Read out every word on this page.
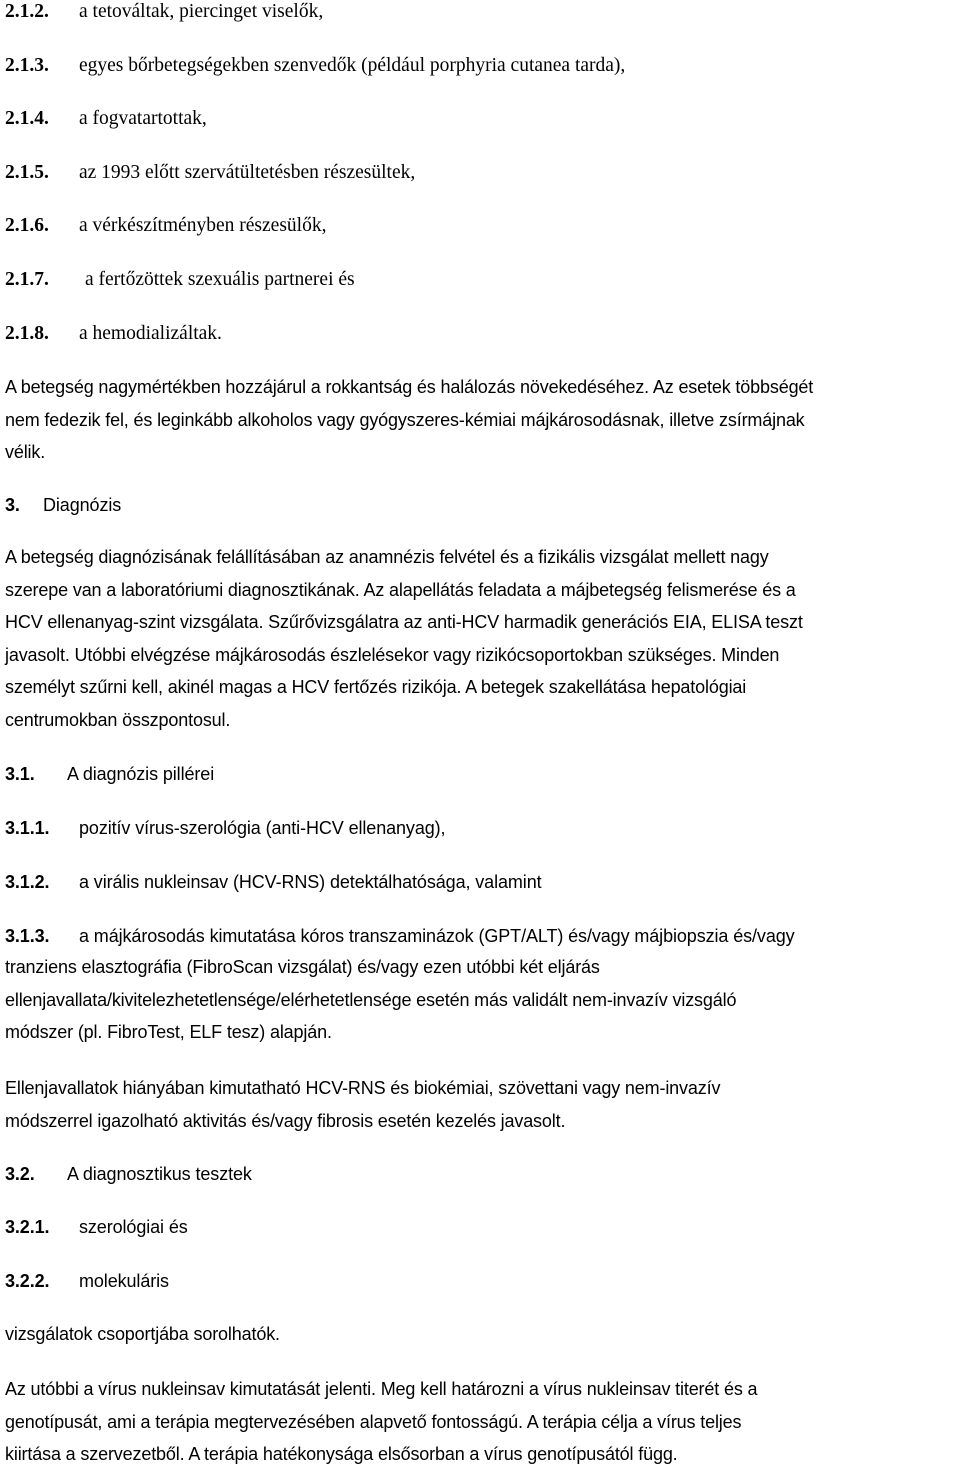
2.1.2. a tetováltak, piercinget viselők,
2.1.3. egyes bőrbetegségekben szenvedők (például porphyria cutanea tarda),
2.1.4. a fogvatartottak,
2.1.5. az 1993 előtt szervátültetésben részesültek,
2.1.6. a vérkészítményben részesülők,
2.1.7. a fertőzöttek szexuális partnerei és
2.1.8. a hemodializáltak.
A betegség nagymértékben hozzájárul a rokkantság és halálozás növekedéséhez. Az esetek többségét
nem fedezik fel, és leginkább alkoholos vagy gyógyszeres-kémiai májkárosodásnak, illetve zsírmájnak
vélik.
3. Diagnózis
A betegség diagnózisának felállításában az anamnézis felvétel és a fizikális vizsgálat mellett nagy
szerepe van a laboratóriumi diagnosztikának. Az alapellátás feladata a májbetegség felismerése és a
HCV ellenanyag-szint vizsgálata. Szűrővizsgálatra az anti-HCV harmadik generációs EIA, ELISA teszt
javasolt. Utóbbi elvégzése májkárosodás észlelésekor vagy rizikócsoportokban szükséges. Minden
személyt szűrni kell, akinél magas a HCV fertőzés rizikója. A betegek szakellátása hepatológiai
centrumokban összpontosul.
3.1. A diagnózis pillérei
3.1.1. pozitív vírus-szerológia (anti-HCV ellenanyag),
3.1.2. a virális nukleinsav (HCV-RNS) detektálhatósága, valamint
3.1.3. a májkárosodás kimutatása kóros transzaminázok (GPT/ALT) és/vagy májbiopszia és/vagy
tranziens elasztográfia (FibroScan vizsgálat) és/vagy ezen utóbbi két eljárás
ellenjavallata/kivitelezhetetlensége/elérhetetlensége esetén más validált nem-invazív vizsgáló
módszer (pl. FibroTest, ELF tesz) alapján.
Ellenjavallatok hiányában kimutatható HCV-RNS és biokémiai, szövettani vagy nem-invazív
módszerrel igazolható aktivitás és/vagy fibrosis esetén kezelés javasolt.
3.2. A diagnosztikus tesztek
3.2.1. szerológiai és
3.2.2. molekuláris
vizsgálatok csoportjába sorolhatók.
Az utóbbi a vírus nukleinsav kimutatását jelenti. Meg kell határozni a vírus nukleinsav titerét és a
genotípusát, ami a terápia megtervezésében alapvető fontosságú. A terápia célja a vírus teljes
kiirtása a szervezetből. A terápia hatékonysága elsősorban a vírus genotípusától függ.
